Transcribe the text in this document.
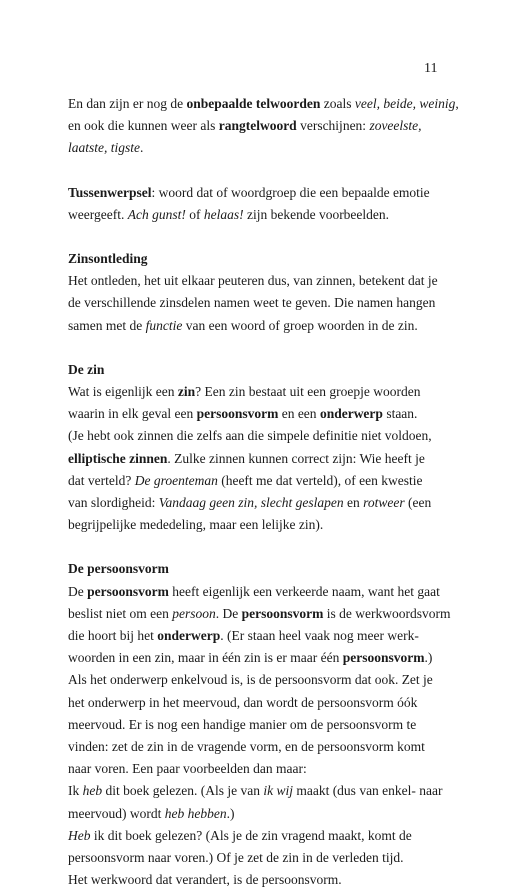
11
En dan zijn er nog de onbepaalde telwoorden zoals veel, beide, weinig,
en ook die kunnen weer als rangtelwoord verschijnen: zoveelste,
laatste, tigste.
Tussenwerpsel: woord dat of woordgroep die een bepaalde emotie
weergeeft. Ach gunst! of helaas! zijn bekende voorbeelden.
Zinsontleding
Het ontleden, het uit elkaar peuteren dus, van zinnen, betekent dat je
de verschillende zinsdelen namen weet te geven. Die namen hangen
samen met de functie van een woord of groep woorden in de zin.
De zin
Wat is eigenlijk een zin? Een zin bestaat uit een groepje woorden
waarin in elk geval een persoonsvorm en een onderwerp staan.
(Je hebt ook zinnen die zelfs aan die simpele definitie niet voldoen,
elliptische zinnen. Zulke zinnen kunnen correct zijn: Wie heeft je
dat verteld? De groenteman (heeft me dat verteld), of een kwestie
van slordigheid: Vandaag geen zin, slecht geslapen en rotweer (een
begrijpelijke mededeling, maar een lelijke zin).
De persoonsvorm
De persoonsvorm heeft eigenlijk een verkeerde naam, want het gaat
beslist niet om een persoon. De persoonsvorm is de werkwoordsvorm
die hoort bij het onderwerp. (Er staan heel vaak nog meer werk-
woorden in een zin, maar in één zin is er maar één persoonsvorm.)
Als het onderwerp enkelvoud is, is de persoonsvorm dat ook. Zet je
het onderwerp in het meervoud, dan wordt de persoonsvorm óók
meervoud. Er is nog een handige manier om de persoonsvorm te
vinden: zet de zin in de vragende vorm, en de persoonsvorm komt
naar voren. Een paar voorbeelden dan maar:
Ik heb dit boek gelezen. (Als je van ik wij maakt (dus van enkel- naar
meervoud) wordt heb hebben.)
Heb ik dit boek gelezen? (Als je de zin vragend maakt, komt de
persoonsvorm naar voren.) Of je zet de zin in de verleden tijd.
Het werkwoord dat verandert, is de persoonsvorm.
